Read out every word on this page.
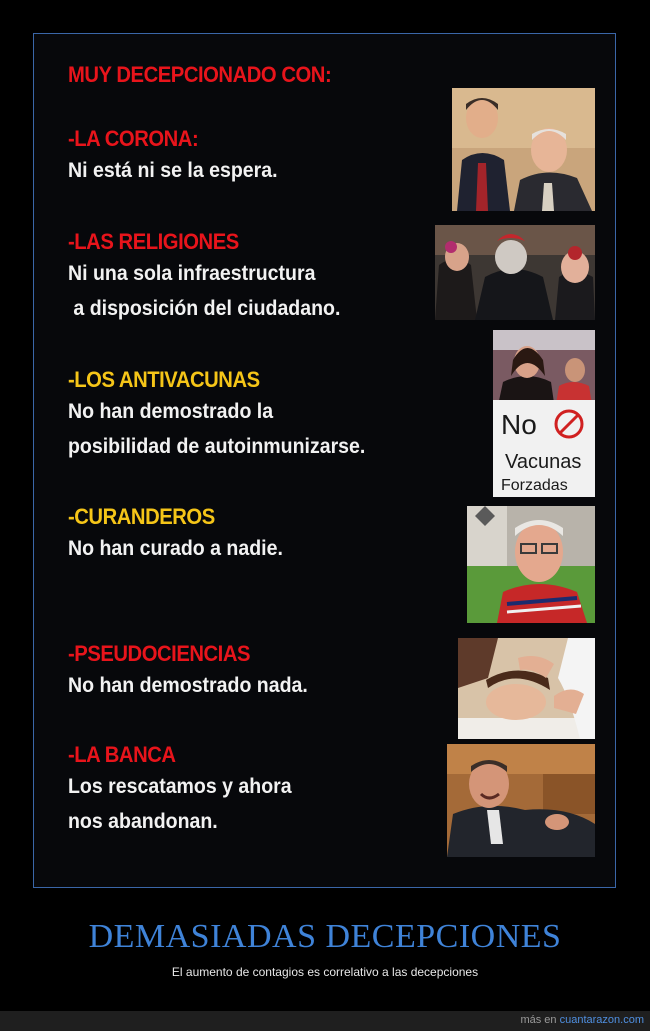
MUY DECEPCIONADO CON:
-LA CORONA:
Ni está ni se la espera.
-LAS RELIGIONES
Ni una sola infraestructura
a disposición del ciudadano.
-LOS ANTIVACUNAS
No han demostrado la
posibilidad de autoinmunizarse.
-CURANDEROS
No han curado a nadie.
-PSEUDOCIENCIAS
No han demostrado nada.
-LA BANCA
Los rescatamos y ahora
nos abandonan.
No
Vacunas
Forzadas
DEMASIADAS DECEPCIONES
El aumento de contagios es correlativo a las decepciones
más en cuantarazon.com
